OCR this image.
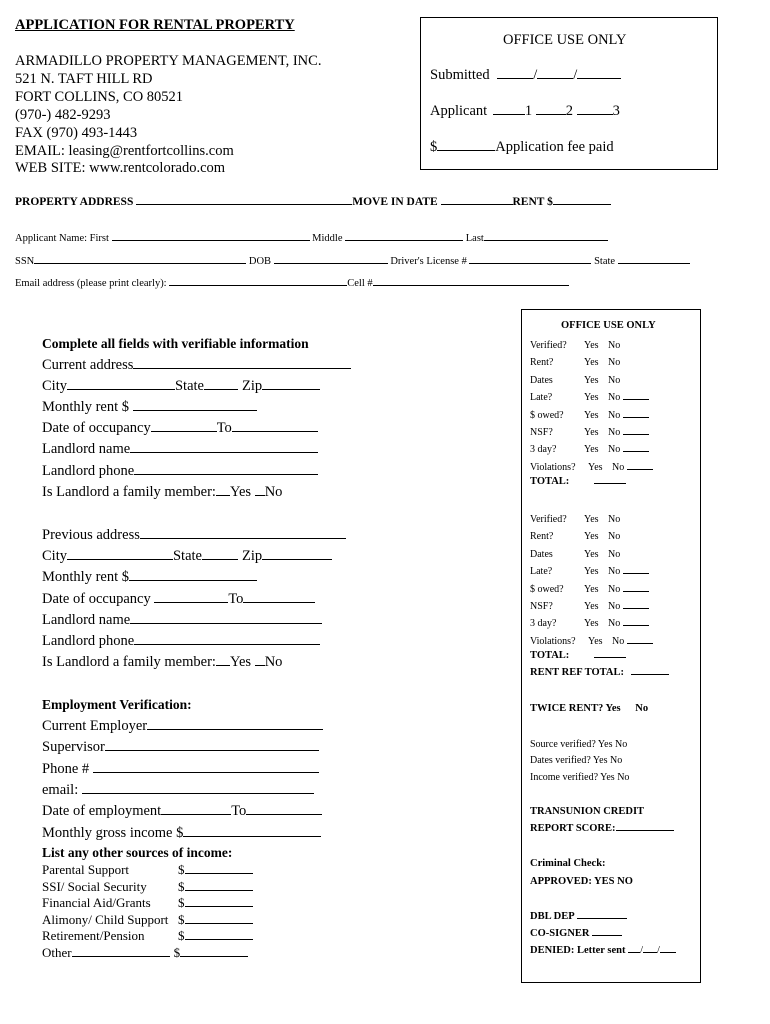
APPLICATION FOR RENTAL PROPERTY
ARMADILLO PROPERTY MANAGEMENT, INC.
521 N. TAFT HILL RD
FORT COLLINS, CO 80521
(970-) 482-9293
FAX (970) 493-1443
EMAIL: leasing@rentfortcollins.com
WEB SITE: www.rentcolorado.com
OFFICE USE ONLY
Submitted	/ /
Applicant	1 2	3
$	Application fee paid
PROPERTY ADDRESS	MOVE IN DATE	RENT $
Applicant Name: First	Middle	Last
SSN	DOB	Driver's License #	State
Email address (please print clearly):	Cell #
Complete all fields with verifiable information
Current address
City	State	Zip
Monthly rent $
Date of occupancy	To
Landlord name
Landlord phone
Is Landlord a family member: Yes No
Previous address
City	State	Zip
Monthly rent $
Date of occupancy	To
Landlord name
Landlord phone
Is Landlord a family member: Yes No
Employment Verification:
Current Employer
Supervisor
Phone #
email:
Date of employment	To
Monthly gross income $
List any other sources of income:
Parental Support	$
SSI/ Social Security $
Financial Aid/Grants $
Alimony/ Child Support $
Retirement/Pension	$
Other	$
OFFICE USE ONLY
Verified? Yes No
Rent?	Yes No
Dates	Yes No
Late?	Yes No
$ owed? Yes No
NSF?	Yes No
3 day?	Yes No
Violations? Yes No
TOTAL:
Verified? Yes No
Rent?	Yes No
Dates	Yes No
Late?	Yes No
$ owed? Yes No
NSF?	Yes No
3 day?	Yes No
Violations? Yes No
TOTAL:
RENT REF TOTAL:
TWICE RENT? Yes No
Source verified? Yes No
Dates verified? Yes No
Income verified? Yes No
TRANSUNION CREDIT
REPORT SCORE:
Criminal Check:
APPROVED: YES NO
DBL DEP
CO-SIGNER
DENIED: Letter sent / /
